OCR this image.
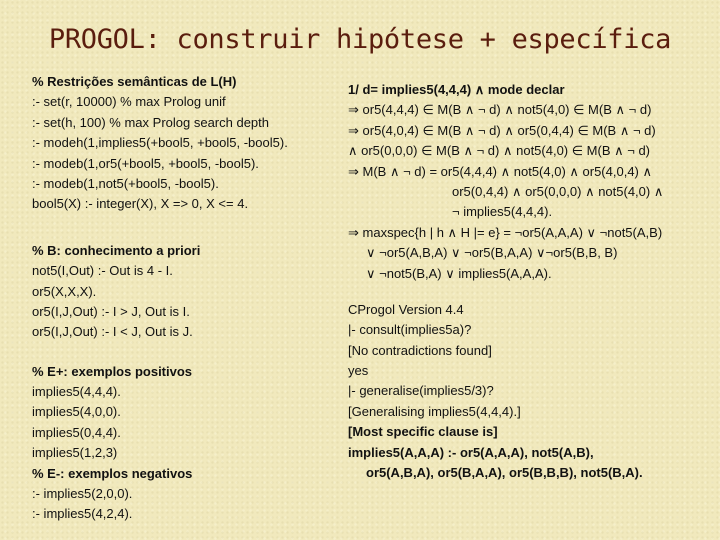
PROGOL: construir hipótese + específica
% Restrições semânticas de L(H)
:- set(r, 10000) % max Prolog unif
:- set(h, 100) % max Prolog search depth
:- modeh(1,implies5(+bool5, +bool5, -bool5).
:- modeb(1,or5(+bool5, +bool5, -bool5).
:- modeb(1,not5(+bool5, -bool5).
bool5(X) :- integer(X), X => 0, X <= 4.
% B: conhecimento a priori
not5(I,Out) :- Out is 4 - I.
or5(X,X,X).
or5(I,J,Out) :- I > J, Out is I.
or5(I,J,Out) :- I < J, Out is J.
% E+: exemplos positivos
implies5(4,4,4).
implies5(4,0,0).
implies5(0,4,4).
implies5(1,2,3)
% E-: exemplos negativos
:- implies5(2,0,0).
:- implies5(4,2,4).
1/ d= implies5(4,4,4) ∧ mode declar
⇒ or5(4,4,4) ∈ M(B ∧ ¬ d) ∧ not5(4,0) ∈ M(B ∧ ¬ d)
⇒ or5(4,0,4) ∈ M(B ∧ ¬ d) ∧ or5(0,4,4) ∈ M(B ∧ ¬ d)
∧ or5(0,0,0) ∈ M(B ∧ ¬ d) ∧ not5(4,0) ∈ M(B ∧ ¬ d)
⇒ M(B ∧ ¬ d) = or5(4,4,4) ∧ not5(4,0) ∧ or5(4,0,4) ∧
or5(0,4,4) ∧ or5(0,0,0) ∧ not5(4,0) ∧
¬ implies5(4,4,4).
⇒ maxspec{h | h ∧ H |= e} = ¬or5(A,A,A) ∨ ¬not5(A,B)
∨ ¬or5(A,B,A) ∨ ¬or5(B,A,A) ∨¬or5(B,B, B)
∨ ¬not5(B,A) ∨ implies5(A,A,A).
CProgol Version 4.4
|- consult(implies5a)?
[No contradictions found]
yes
|- generalise(implies5/3)?
[Generalising implies5(4,4,4).]
[Most specific clause is]
implies5(A,A,A) :- or5(A,A,A), not5(A,B),
or5(A,B,A), or5(B,A,A), or5(B,B,B), not5(B,A).
